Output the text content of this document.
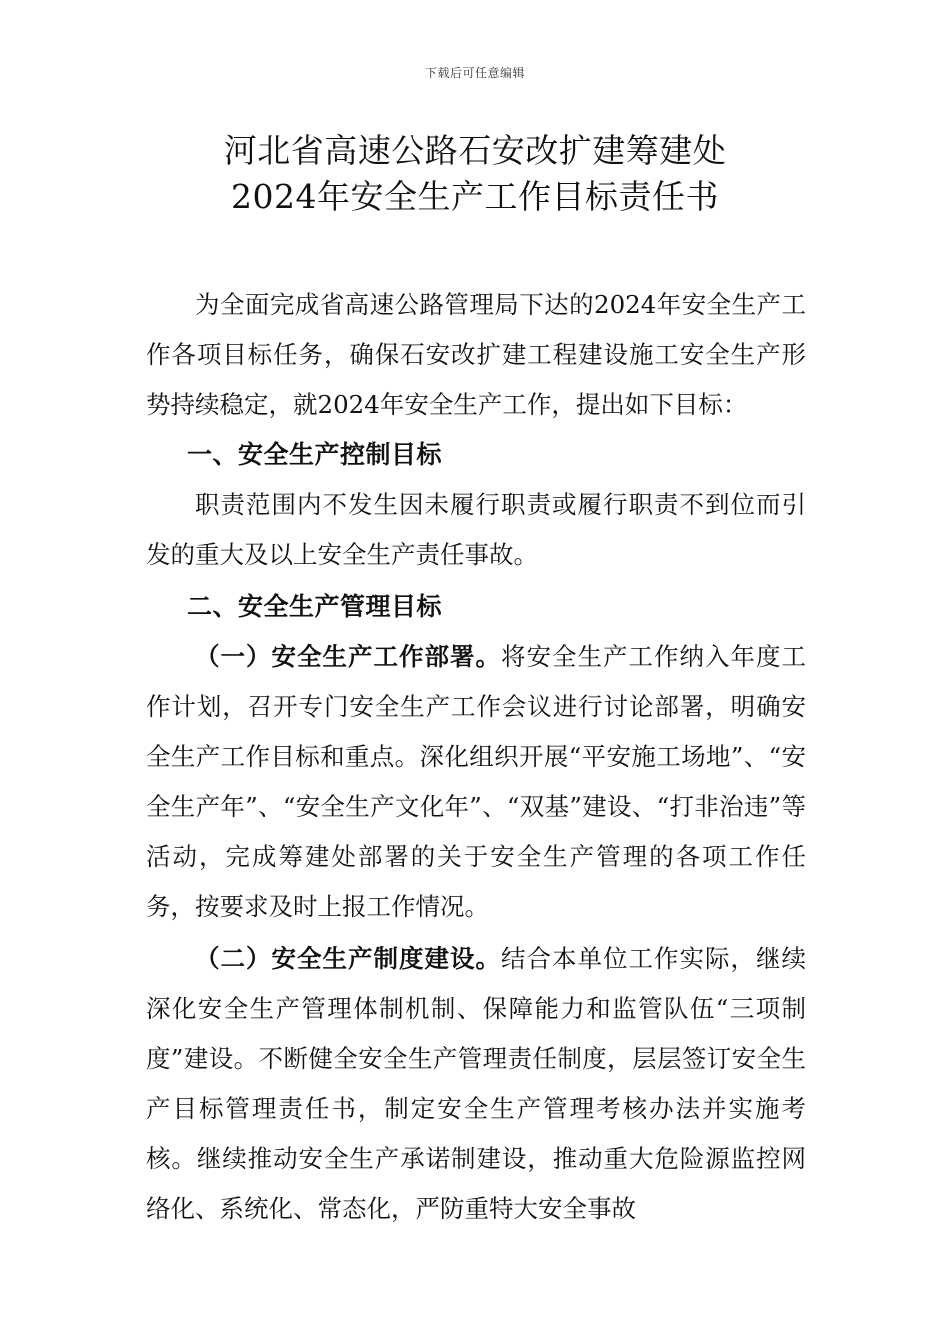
下载后可任意编辑

河北省高速公路石安改扩建筹建处

2024年安全生产工作目标责任书

为全面完成省高速公路管理局下达的2024年安全生产工作各项目标任务，确保石安改扩建工程建设施工安全生产形势持续稳定，就2024年安全生产工作，提出如下目标：

一、安全生产控制目标

职责范围内不发生因未履行职责或履行职责不到位而引发的重大及以上安全生产责任事故。

二、安全生产管理目标

（一）安全生产工作部署。将安全生产工作纳入年度工作计划，召开专门安全生产工作会议进行讨论部署，明确安全生产工作目标和重点。深化组织开展“平安施工场地”、“安全生产年”、“安全生产文化年”、“双基”建设、“打非治违”等活动，完成筹建处部署的关于安全生产管理的各项工作任务，按要求及时上报工作情况。

（二）安全生产制度建设。结合本单位工作实际，继续深化安全生产管理体制机制、保障能力和监管队伍“三项制度”建设。不断健全安全生产管理责任制度，层层签订安全生产目标管理责任书，制定安全生产管理考核办法并实施考核。继续推动安全生产承诺制建设，推动重大危险源监控网络化、系统化、常态化，严防重特大安全事故
